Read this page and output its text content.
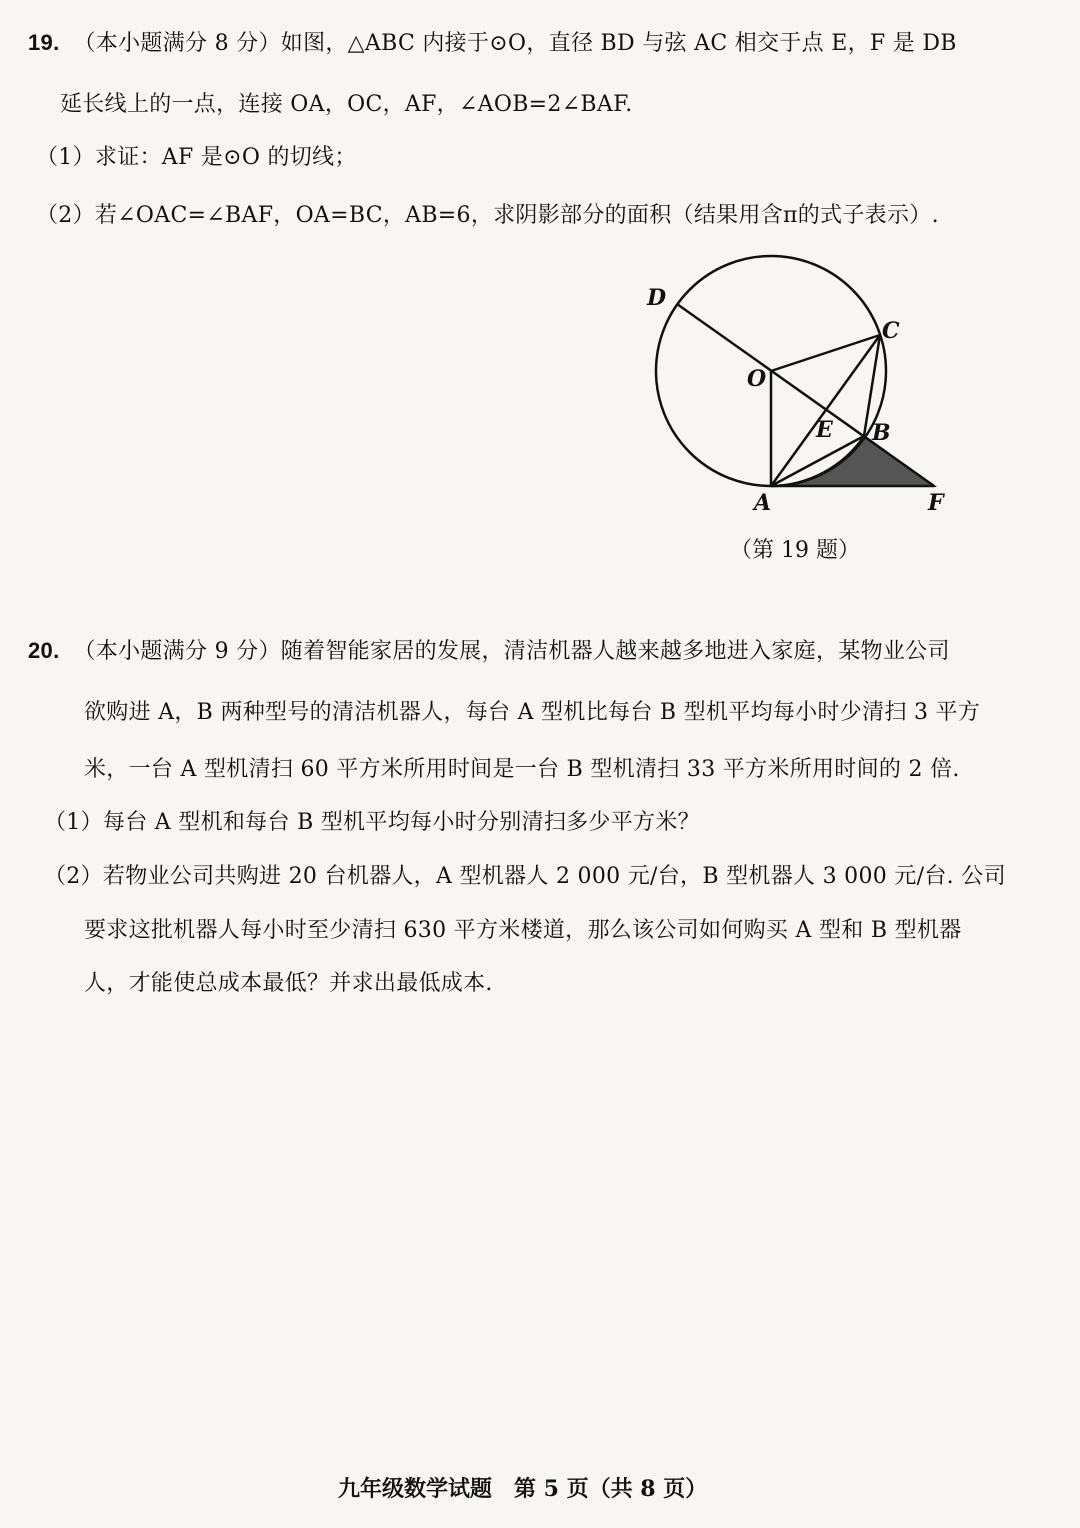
19. （本小题满分 8 分）如图，△ABC 内接于⊙O，直径 BD 与弦 AC 相交于点 E，F 是 DB
延长线上的一点，连接 OA，OC，AF，∠AOB=2∠BAF.
（1）求证：AF 是⊙O 的切线；
（2）若∠OAC=∠BAF，OA=BC，AB=6，求阴影部分的面积（结果用含π的式子表示）.
D
C
O
E B
A	F
（第 19 题）
20. （本小题满分 9 分）随着智能家居的发展，清洁机器人越来越多地进入家庭，某物业公司
欲购进 A，B 两种型号的清洁机器人，每台 A 型机比每台 B 型机平均每小时少清扫 3 平方
米，一台 A 型机清扫 60 平方米所用时间是一台 B 型机清扫 33 平方米所用时间的 2 倍.
（1）每台 A 型机和每台 B 型机平均每小时分别清扫多少平方米？
（2）若物业公司共购进 20 台机器人，A 型机器人 2 000 元/台，B 型机器人 3 000 元/台. 公司
要求这批机器人每小时至少清扫 630 平方米楼道，那么该公司如何购买 A 型和 B 型机器
人，才能使总成本最低？并求出最低成本.
九年级数学试题　第 5 页（共 8 页）
